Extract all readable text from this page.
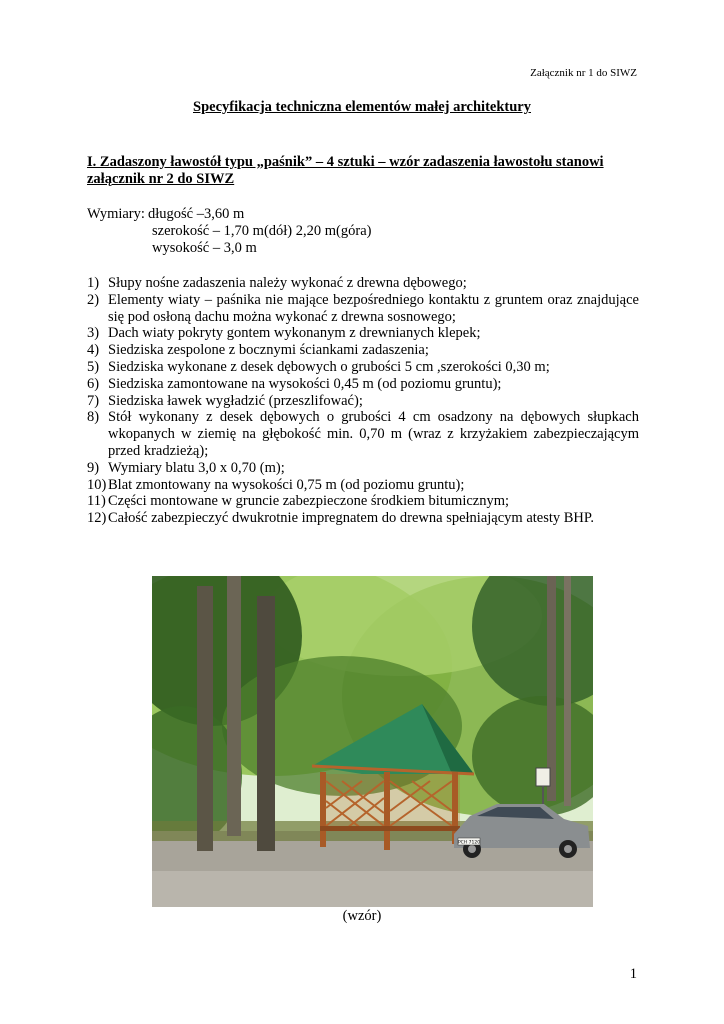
Załącznik nr 1 do SIWZ
Specyfikacja techniczna elementów małej architektury
I. Zadaszony ławostół typu „paśnik” – 4 sztuki – wzór zadaszenia ławostołu stanowi załącznik nr 2 do SIWZ
Wymiary: długość –3,60 m
szerokość – 1,70 m(dół) 2,20 m(góra)
wysokość – 3,0 m
1) Słupy nośne zadaszenia należy wykonać z drewna dębowego;
2) Elementy wiaty – paśnika nie mające bezpośredniego kontaktu z gruntem oraz znajdujące się pod osłoną dachu można wykonać z drewna sosnowego;
3) Dach wiaty pokryty gontem wykonanym z drewnianych klepek;
4) Siedziska zespolone z bocznymi ściankami zadaszenia;
5) Siedziska wykonane z desek dębowych o grubości 5 cm ,szerokości 0,30 m;
6) Siedziska zamontowane na wysokości 0,45 m (od poziomu gruntu);
7) Siedziska ławek wygładzić (przeszlifować);
8) Stół wykonany z desek dębowych o grubości 4 cm osadzony na dębowych słupkach wkopanych w ziemię na głębokość min. 0,70 m (wraz z krzyżakiem zabezpieczającym przed kradzieżą);
9) Wymiary blatu 3,0 x 0,70 (m);
10) Blat zmontowany na wysokości 0,75 m (od poziomu gruntu);
11) Części montowane w gruncie zabezpieczone środkiem bitumicznym;
12) Całość zabezpieczyć dwukrotnie impregnatem do drewna spełniającym atesty BHP.
PCH 7120
(wzór)
1
